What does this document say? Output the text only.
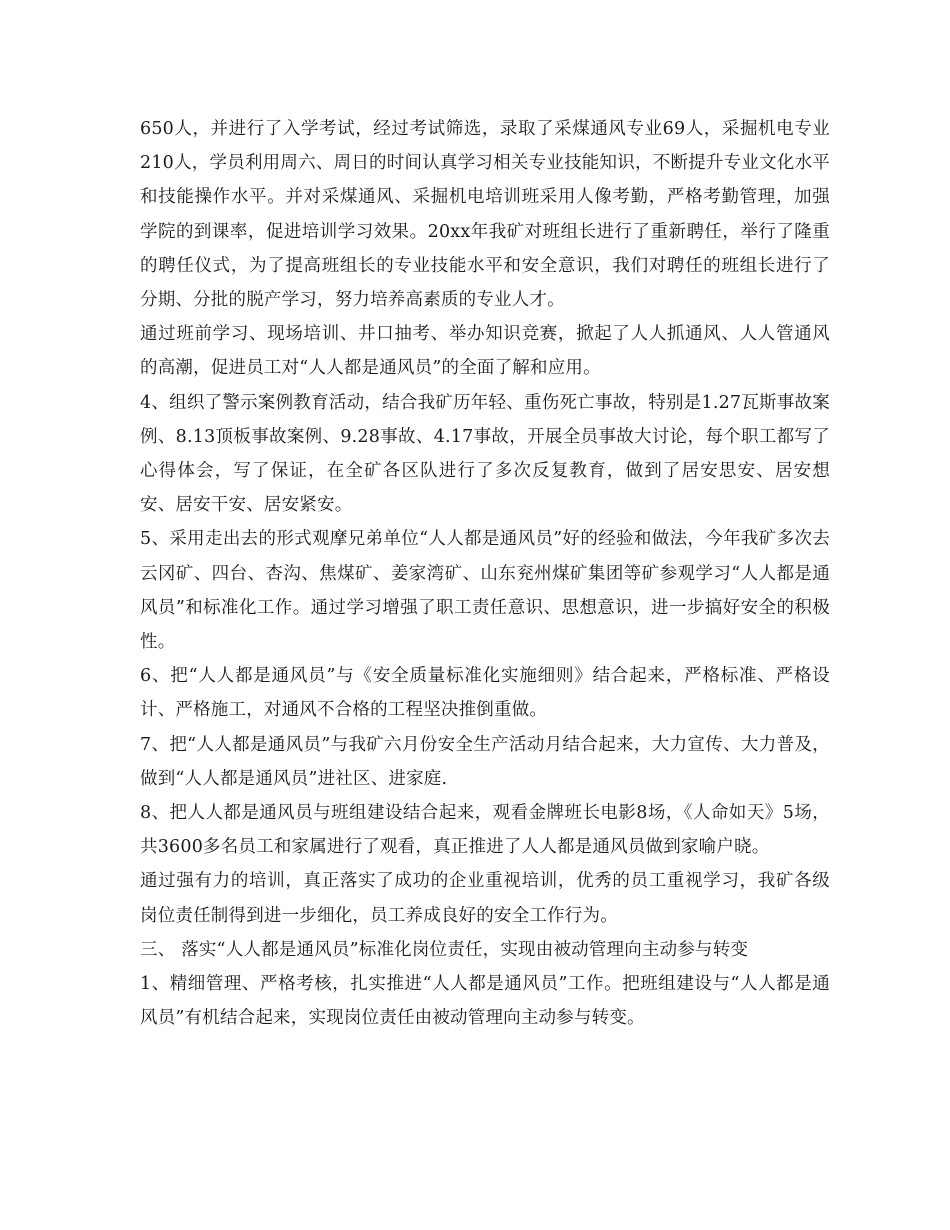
650人，并进行了入学考试，经过考试筛选，录取了采煤通风专业69人，采掘机电专业210人，学员利用周六、周日的时间认真学习相关专业技能知识，不断提升专业文化水平和技能操作水平。并对采煤通风、采掘机电培训班采用人像考勤，严格考勤管理，加强学院的到课率，促进培训学习效果。20xx年我矿对班组长进行了重新聘任，举行了隆重的聘任仪式，为了提高班组长的专业技能水平和安全意识，我们对聘任的班组长进行了分期、分批的脱产学习，努力培养高素质的专业人才。

通过班前学习、现场培训、井口抽考、举办知识竞赛，掀起了人人抓通风、人人管通风的高潮，促进员工对“人人都是通风员”的全面了解和应用。

4、组织了警示案例教育活动，结合我矿历年轻、重伤死亡事故，特别是1.27瓦斯事故案例、8.13顶板事故案例、9.28事故、4.17事故，开展全员事故大讨论，每个职工都写了心得体会，写了保证，在全矿各区队进行了多次反复教育，做到了居安思安、居安想安、居安干安、居安紧安。

5、采用走出去的形式观摩兄弟单位“人人都是通风员”好的经验和做法，今年我矿多次去云冈矿、四台、杏沟、焦煤矿、姜家湾矿、山东兖州煤矿集团等矿参观学习“人人都是通风员”和标准化工作。通过学习增强了职工责任意识、思想意识，进一步搞好安全的积极性。

6、把“人人都是通风员”与《安全质量标准化实施细则》结合起来，严格标准、严格设计、严格施工，对通风不合格的工程坚决推倒重做。

7、把“人人都是通风员”与我矿六月份安全生产活动月结合起来，大力宣传、大力普及，做到“人人都是通风员”进社区、进家庭.

8、把人人都是通风员与班组建设结合起来，观看金牌班长电影8场，《人命如天》5场，共3600多名员工和家属进行了观看，真正推进了人人都是通风员做到家喻户晓。

通过强有力的培训，真正落实了成功的企业重视培训，优秀的员工重视学习，我矿各级岗位责任制得到进一步细化，员工养成良好的安全工作行为。

三、 落实“人人都是通风员”标准化岗位责任，实现由被动管理向主动参与转变

1、精细管理、严格考核，扎实推进“人人都是通风员”工作。把班组建设与“人人都是通风员”有机结合起来，实现岗位责任由被动管理向主动参与转变。
